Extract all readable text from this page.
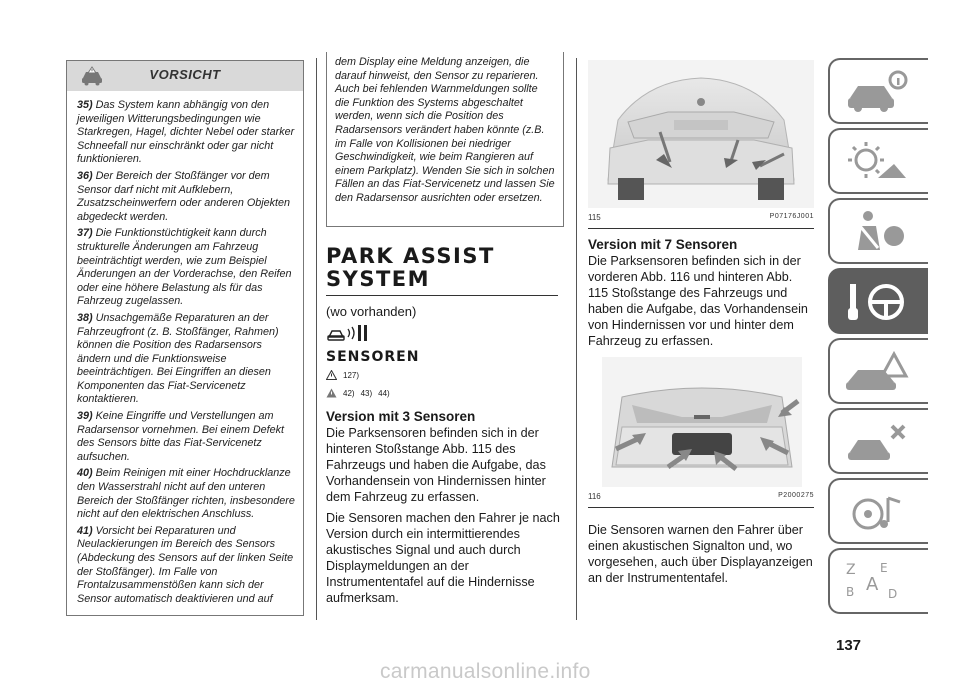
VORSICHT

35) Das System kann abhängig von den jeweiligen Witterungsbedingungen wie Starkregen, Hagel, dichter Nebel oder starker Schneefall nur einschränkt oder gar nicht funktionieren.

36) Der Bereich der Stoßfänger vor dem Sensor darf nicht mit Aufklebern, Zusatzscheinwerfern oder anderen Objekten abgedeckt werden.

37) Die Funktionstüchtigkeit kann durch strukturelle Änderungen am Fahrzeug beeinträchtigt werden, wie zum Beispiel Änderungen an der Vorderachse, den Reifen oder eine höhere Belastung als für das Fahrzeug zugelassen.

38) Unsachgemäße Reparaturen an der Fahrzeugfront (z. B. Stoßfänger, Rahmen) können die Position des Radarsensors ändern und die Funktionsweise beeinträchtigen. Bei Eingriffen an diesen Komponenten das Fiat-Servicenetz kontaktieren.

39) Keine Eingriffe und Verstellungen am Radarsensor vornehmen. Bei einem Defekt des Sensors bitte das Fiat-Servicenetz aufsuchen.

40) Beim Reinigen mit einer Hochdrucklanze den Wasserstrahl nicht auf den unteren Bereich der Stoßfänger richten, insbesondere nicht auf den elektrischen Anschluss.

41) Vorsicht bei Reparaturen und Neulackierungen im Bereich des Sensors (Abdeckung des Sensors auf der linken Seite der Stoßfänger). Im Falle von Frontalzusammenstößen kann sich der Sensor automatisch deaktivieren und auf

dem Display eine Meldung anzeigen, die darauf hinweist, den Sensor zu reparieren. Auch bei fehlenden Warnmeldungen sollte die Funktion des Systems abgeschaltet werden, wenn sich die Position des Radarsensors verändert haben könnte (z.B. im Falle von Kollisionen bei niedriger Geschwindigkeit, wie beim Rangieren auf einem Parkplatz). Wenden Sie sich in solchen Fällen an das Fiat-Servicenetz und lassen Sie den Radarsensor ausrichten oder ersetzen.
PARK ASSIST
SYSTEM
(wo vorhanden)
SENSOREN
127)
42) 43) 44)
Version mit 3 Sensoren

Die Parksensoren befinden sich in der hinteren Stoßstange Abb. 115 des Fahrzeugs und haben die Aufgabe, das Vorhandensein von Hindernissen hinter dem Fahrzeug zu erfassen.

Die Sensoren machen den Fahrer je nach Version durch ein intermittierendes akustisches Signal und auch durch Displaymeldungen an der Instrumententafel auf die Hindernisse aufmerksam.

115	P07176J001
Version mit 7 Sensoren
Die Parksensoren befinden sich in der vorderen Abb. 116 und hinteren Abb. 115 Stoßstange des Fahrzeugs und haben die Aufgabe, das Vorhandensein von Hindernissen vor und hinter dem Fahrzeug zu erfassen.
116	P2000275
Die Sensoren warnen den Fahrer über einen akustischen Signalton und, wo vorgesehen, auch über Displayanzeigen an der Instrumententafel.
137
Z E
A
B	D
carmanualsonline.info
